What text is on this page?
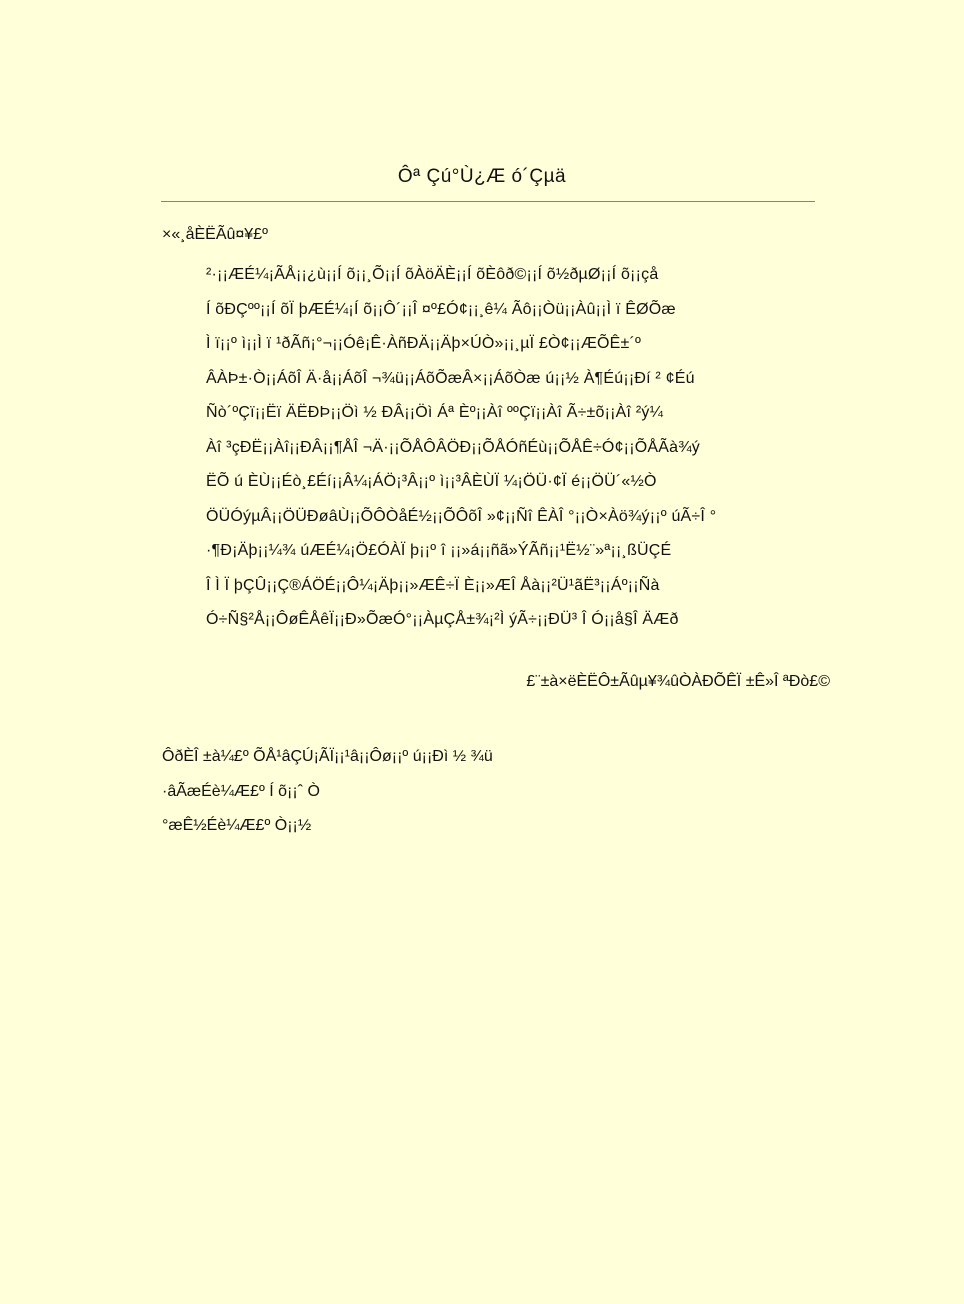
Ôª Çú°Ù¿Æ ó´Çµä
×«¸åÈËÃû¤¥£º
²·¡¡ÆÉ¼¡ÃÅ¡¡¿ù¡¡Í õ¡¡¸Õ¡¡Í õÀöÄÈ¡¡Í õÈôð©¡¡Í õ½ðµØ¡¡Í õ¡¡çå
Í õÐÇºº¡¡Í õÏ þÆÉ¼¡Í õ¡¡Ô´¡¡Î ¤º£Ó¢¡¡¸ê¼ Ãô¡¡Òü¡¡Àû¡¡Ì ï ÊØÕæ
Ì ï¡¡º ì¡¡Ì ï ¹ðÃñ¡°¬¡¡Óê¡Ê·ÀñÐÄ¡¡Äþ×ÚÒ»¡¡¸µÏ £Ò¢¡¡ÆÕÊ±´º
ÂÀÞ±·Ò¡¡ÁõÎ Ä·å¡¡ÁõÎ ¬¾ü¡¡ÁõÕæÂ×¡¡ÁõÒæ ú¡¡½ À¶Éú¡¡Ðí ² ¢Éú
Ñò´ºÇï¡¡Ëï ÄËÐÞ¡¡Öì ½ ÐÂ¡¡Öì Áª Èº¡¡Àî ººÇï¡¡Àî Ã÷±õ¡¡Àî ²ý¼
Àî ³çÐË¡¡Àî¡¡ÐÂ¡¡¶ÅÎ ¬Ä·¡¡ÕÅÔÂÖÐ¡¡ÕÅÓñÉù¡¡ÕÅÊ÷Ó¢¡¡ÕÅÃà¾ý
ËÕ ú ÈÙ¡¡Éò¸£Éí¡¡Â¼¡ÁÖ¡³Â¡¡º ì¡¡³ÂÈÙÏ ¼¡ÖÜ·¢Ï é¡¡ÖÜ´«½Ò
ÖÜÓýµÂ¡¡ÖÜÐøâÙ¡¡ÕÔÒåÉ½¡¡ÕÔõÎ »¢¡¡Ñî ÊÀÎ °¡¡Ò×Àö¾ý¡¡º úÃ÷Î °
·¶Ð¡Äþ¡¡¼¾ úÆÉ¼¡Ö£ÓÀÏ þ¡¡º î ¡¡»á¡¡ñã»ÝÃñ¡¡¹Ë½¨»ª¡¡¸ßÜÇÉ
Î Ì Ï þÇÛ¡¡Ç®ÁÖÉ¡¡Ô¼¡Äþ¡¡»ÆÊ÷Ï È¡¡»ÆÎ Åà¡¡²Ü¹ãË³¡¡Áº¡¡Ñà
Ó÷Ñ§²Å¡¡ÔøÊÅêÏ¡¡Ð»ÕæÓ°¡¡ÀµÇÅ±¾¡²Ì ýÃ÷¡¡ÐÜ³ Î Ó¡¡å§Î ÄÆð
£¨±à×ëÈËÔ±Ãûµ¥¾ûÒÀÐÕÊÏ ±Ê»Î ªÐò£©
ÔðÈÎ ±à¼£º ÕÅ¹âÇÚ¡ÃÏ¡¡¹â¡¡Ôø¡¡º ú¡¡Ðì ½ ¾ü
·âÃæÉè¼Æ£º Í õ¡¡ˆ Ò
°æÊ½Éè¼Æ£º Ò¡¡½
